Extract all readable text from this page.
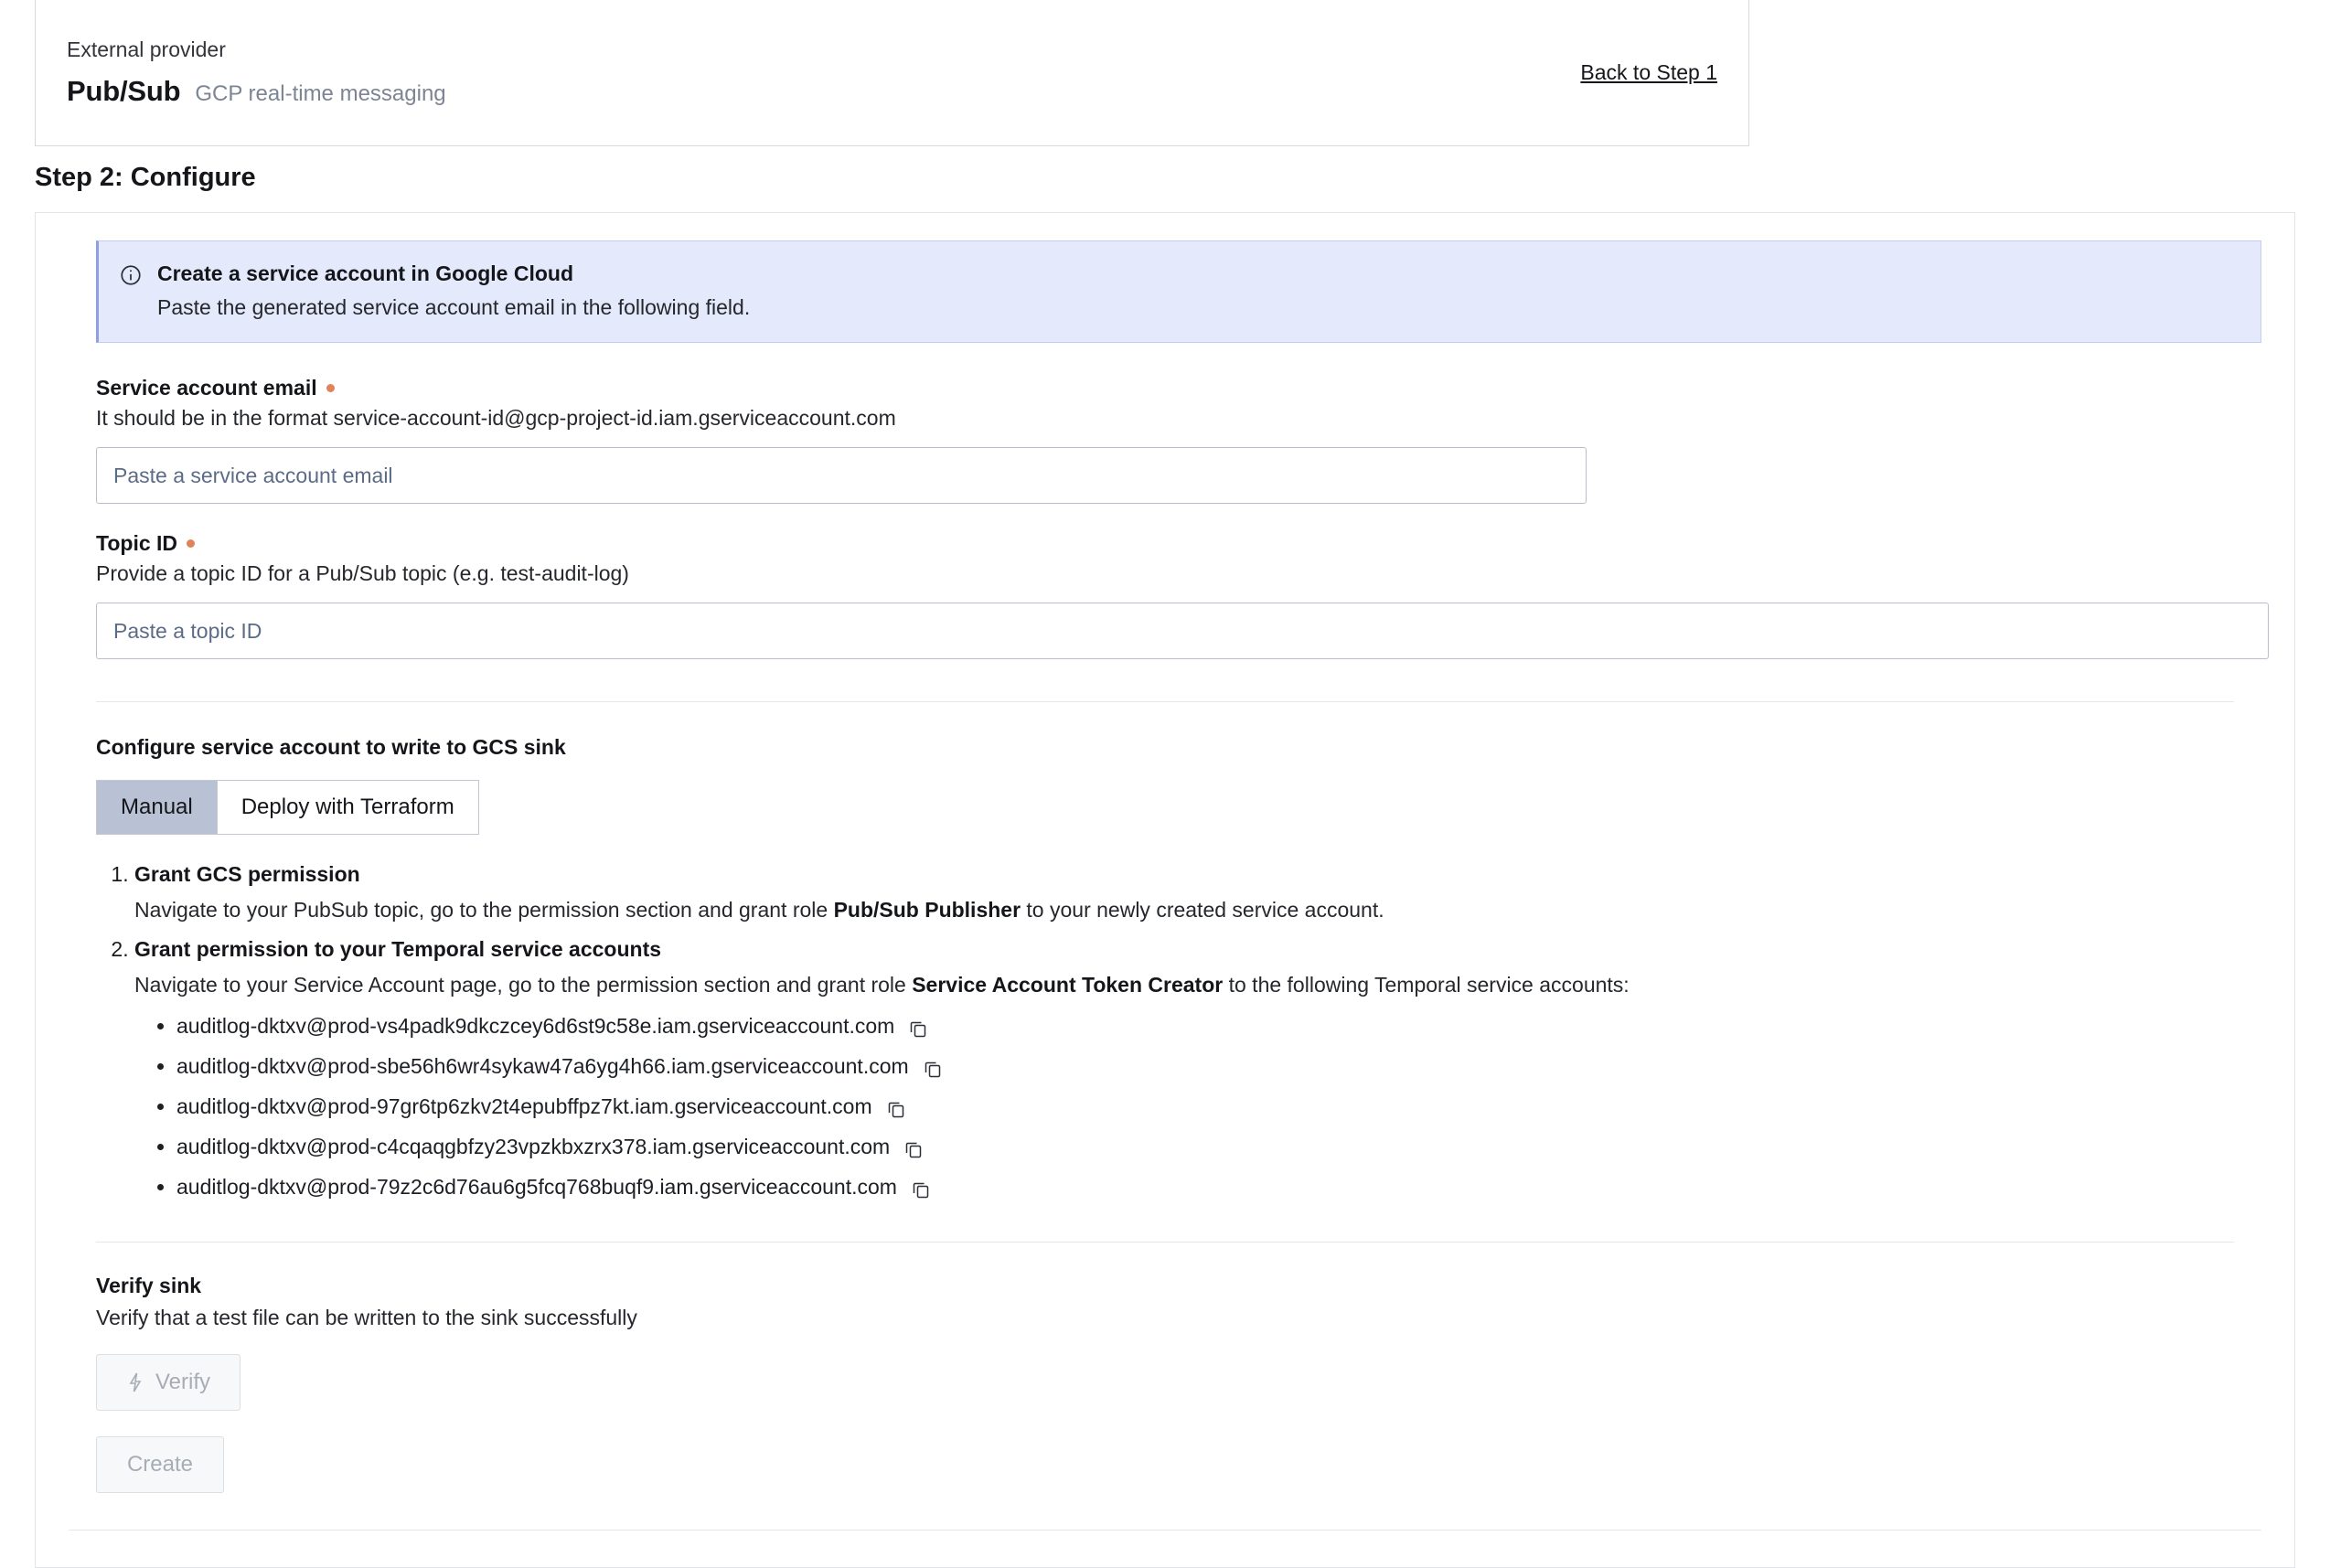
External provider
Pub/Sub GCP real-time messaging
Back to Step 1
Step 2: Configure
Create a service account in Google Cloud
Paste the generated service account email in the following field.
Service account email
It should be in the format service-account-id@gcp-project-id.iam.gserviceaccount.com
Paste a service account email
Topic ID
Provide a topic ID for a Pub/Sub topic (e.g. test-audit-log)
Paste a topic ID
Configure service account to write to GCS sink
Manual	Deploy with Terraform
1. Grant GCS permission
Navigate to your PubSub topic, go to the permission section and grant role Pub/Sub Publisher to your newly created service account.
2. Grant permission to your Temporal service accounts
Navigate to your Service Account page, go to the permission section and grant role Service Account Token Creator to the following Temporal service accounts:
• auditlog-dktxv@prod-vs4padk9dkczcey6d6st9c58e.iam.gserviceaccount.com
• auditlog-dktxv@prod-sbe56h6wr4sykaw47a6yg4h66.iam.gserviceaccount.com
• auditlog-dktxv@prod-97gr6tp6zkv2t4epubffpz7kt.iam.gserviceaccount.com
• auditlog-dktxv@prod-c4cqaqgbfzy23vpzkbxzrx378.iam.gserviceaccount.com
• auditlog-dktxv@prod-79z2c6d76au6g5fcq768buqf9.iam.gserviceaccount.com
Verify sink
Verify that a test file can be written to the sink successfully
Verify
Create
